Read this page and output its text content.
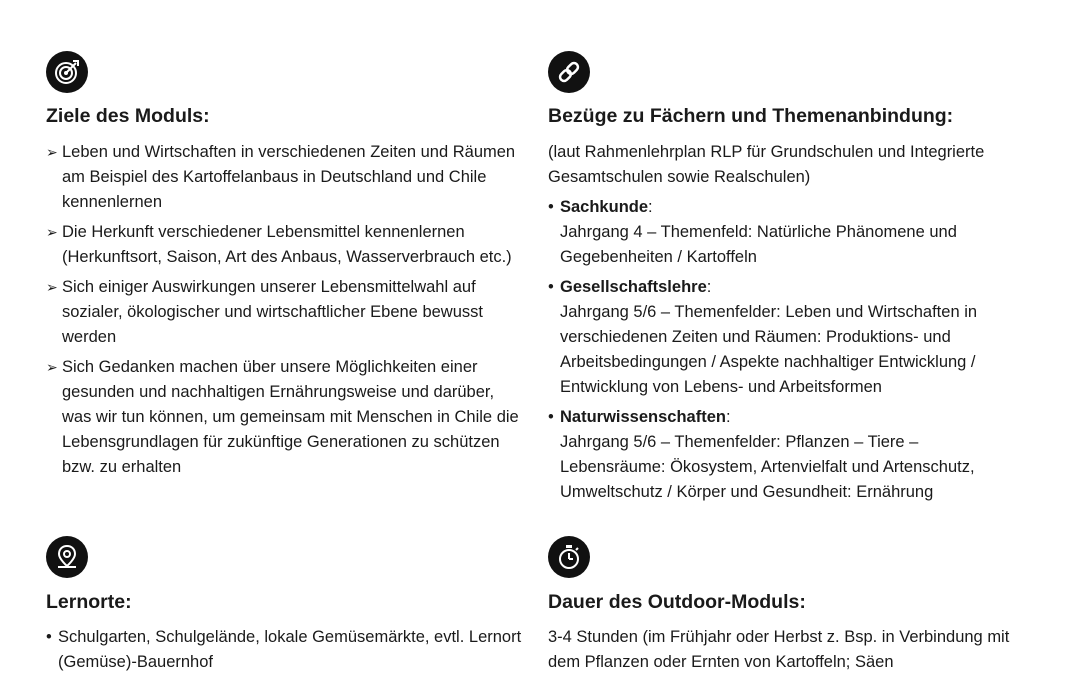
Ziele des Moduls:
➢ Leben und Wirtschaften in verschiedenen Zeiten und Räumen am Beispiel des Kartoffelanbaus in Deutschland und Chile kennenlernen
➢ Die Herkunft verschiedener Lebensmittel kennenlernen (Herkunftsort, Saison, Art des Anbaus, Wasserverbrauch etc.)
➢ Sich einiger Auswirkungen unserer Lebensmittelwahl auf sozialer, ökologischer und wirtschaftlicher Ebene bewusst werden
➢ Sich Gedanken machen über unsere Möglichkeiten einer gesunden und nachhaltigen Ernährungsweise und darüber, was wir tun können, um gemeinsam mit Menschen in Chile die Lebensgrundlagen für zukünftige Generationen zu schützen bzw. zu erhalten
Bezüge zu Fächern und Themenanbindung:

(laut Rahmenlehrplan RLP für Grundschulen und Integrierte Gesamtschulen sowie Realschulen)

• Sachkunde:
Jahrgang 4 – Themenfeld: Natürliche Phänomene und Gegebenheiten / Kartoffeln
• Gesellschaftslehre:
Jahrgang 5/6 – Themenfelder: Leben und Wirtschaften in verschiedenen Zeiten und Räumen: Produktions- und Arbeitsbedingungen / Aspekte nachhaltiger Entwicklung / Entwicklung von Lebens- und Arbeitsformen
• Naturwissenschaften:
Jahrgang 5/6 – Themenfelder: Pflanzen – Tiere – Lebensräume: Ökosystem, Artenvielfalt und Artenschutz, Umweltschutz / Körper und Gesundheit: Ernährung
Lernorte:
• Schulgarten, Schulgelände, lokale Gemüsemärkte, evtl. Lernort (Gemüse)-Bauernhof
Dauer des Outdoor-Moduls:
3-4 Stunden (im Frühjahr oder Herbst z. Bsp. in Verbindung mit dem Pflanzen oder Ernten von Kartoffeln; Säen
